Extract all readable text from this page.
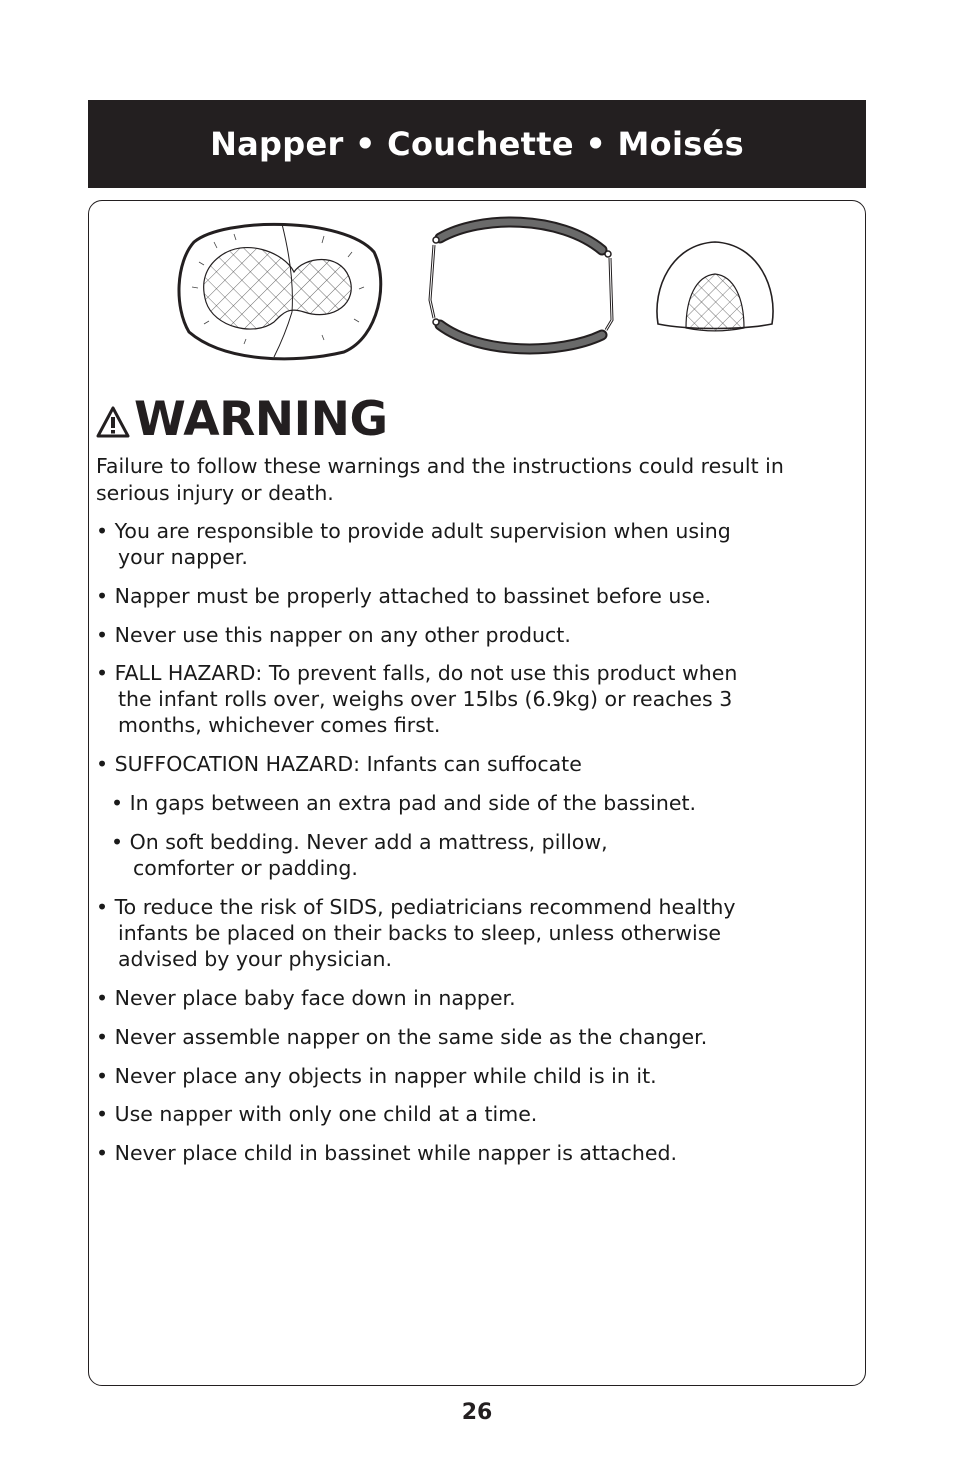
Napper • Couchette • Moisés
WARNING
Failure to follow these warnings and the instructions could result in
serious injury or death.
• You are responsible to provide adult supervision when using
your napper.
• Napper must be properly attached to bassinet before use.
• Never use this napper on any other product.
• FALL HAZARD: To prevent falls, do not use this product when
the infant rolls over, weighs over 15lbs (6.9kg) or reaches 3
months, whichever comes first.
• SUFFOCATION HAZARD: Infants can suffocate
• In gaps between an extra pad and side of the bassinet.
• On soft bedding. Never add a mattress, pillow,
comforter or padding.
• To reduce the risk of SIDS, pediatricians recommend healthy
infants be placed on their backs to sleep, unless otherwise
advised by your physician.
• Never place baby face down in napper.
• Never assemble napper on the same side as the changer.
• Never place any objects in napper while child is in it.
• Use napper with only one child at a time.
• Never place child in bassinet while napper is attached.
26
